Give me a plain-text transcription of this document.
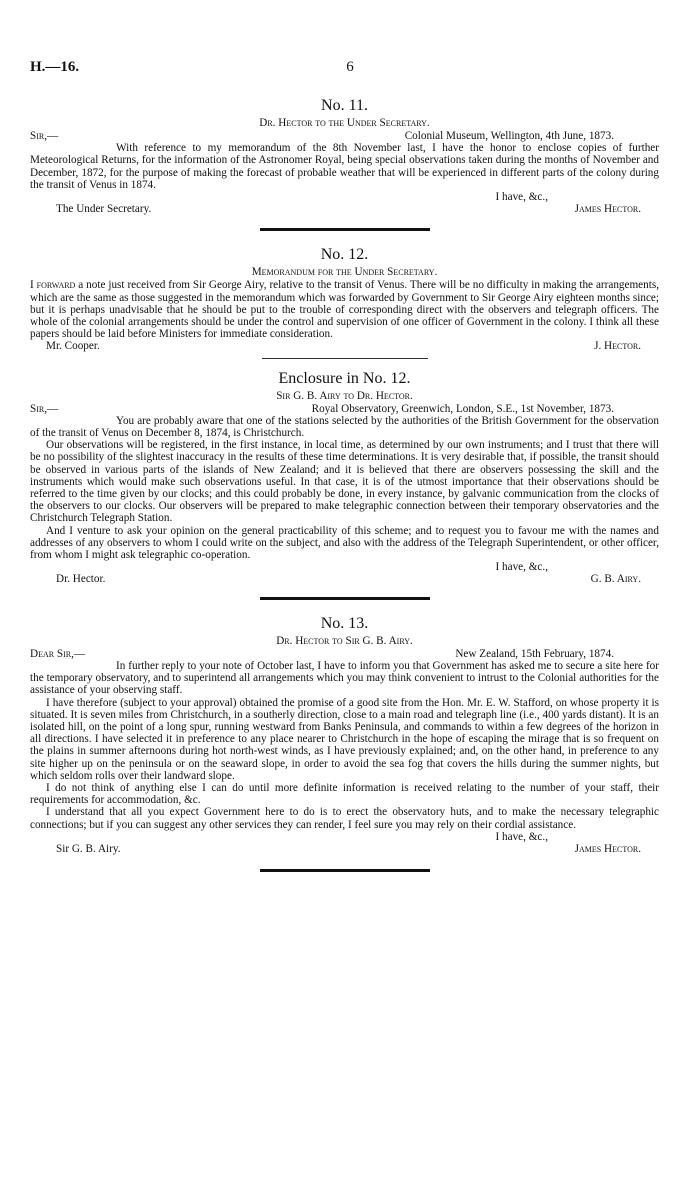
H.—16.	6
No. 11.
Dr. Hector to the Under Secretary.
Sir,—	Colonial Museum, Wellington, 4th June, 1873.

With reference to my memorandum of the 8th November last, I have the honor to enclose copies of further Meteorological Returns, for the information of the Astronomer Royal, being special observations taken during the months of November and December, 1872, for the purpose of making the forecast of probable weather that will be experienced in different parts of the colony during the transit of Venus in 1874.

I have, &c.,
The Under Secretary.	James Hector.
No. 12.
Memorandum for the Under Secretary.

I forward a note just received from Sir George Airy, relative to the transit of Venus. There will be no difficulty in making the arrangements, which are the same as those suggested in the memorandum which was forwarded by Government to Sir George Airy eighteen months since; but it is perhaps unadvisable that he should be put to the trouble of corresponding direct with the observers and telegraph officers. The whole of the colonial arrangements should be under the control and supervision of one officer of Government in the colony. I think all these papers should be laid before Ministers for immediate consideration.

Mr. Cooper.	J. Hector.
Enclosure in No. 12.
Sir G. B. Airy to Dr. Hector.
Sir,—	Royal Observatory, Greenwich, London, S.E., 1st November, 1873.

You are probably aware that one of the stations selected by the authorities of the British Government for the observation of the transit of Venus on December 8, 1874, is Christchurch.

Our observations will be registered, in the first instance, in local time, as determined by our own instruments; and I trust that there will be no possibility of the slightest inaccuracy in the results of these time determinations. It is very desirable that, if possible, the transit should be observed in various parts of the islands of New Zealand; and it is believed that there are observers possessing the skill and the instruments which would make such observations useful. In that case, it is of the utmost importance that their observations should be referred to the time given by our clocks; and this could probably be done, in every instance, by galvanic communication from the clocks of the observers to our clocks. Our observers will be prepared to make telegraphic connection between their temporary observatories and the Christchurch Telegraph Station.

And I venture to ask your opinion on the general practicability of this scheme; and to request you to favour me with the names and addresses of any observers to whom I could write on the subject, and also with the address of the Telegraph Superintendent, or other officer, from whom I might ask telegraphic co-operation.

I have, &c.,
Dr. Hector.	G. B. Airy.
No. 13.
Dr. Hector to Sir G. B. Airy.
Dear Sir,—	New Zealand, 15th February, 1874.

In further reply to your note of October last, I have to inform you that Government has asked me to secure a site here for the temporary observatory, and to superintend all arrangements which you may think convenient to intrust to the Colonial authorities for the assistance of your observing staff.

I have therefore (subject to your approval) obtained the promise of a good site from the Hon. Mr. E. W. Stafford, on whose property it is situated. It is seven miles from Christchurch, in a southerly direction, close to a main road and telegraph line (i.e., 400 yards distant). It is an isolated hill, on the point of a long spur, running westward from Banks Peninsula, and commands to within a few degrees of the horizon in all directions. I have selected it in preference to any place nearer to Christchurch in the hope of escaping the mirage that is so frequent on the plains in summer afternoons during hot north-west winds, as I have previously explained; and, on the other hand, in preference to any site higher up on the peninsula or on the seaward slope, in order to avoid the sea fog that covers the hills during the summer nights, but which seldom rolls over their landward slope.

I do not think of anything else I can do until more definite information is received relating to the number of your staff, their requirements for accommodation, &c.

I understand that all you expect Government here to do is to erect the observatory huts, and to make the necessary telegraphic connections; but if you can suggest any other services they can render, I feel sure you may rely on their cordial assistance.

I have, &c.,
Sir G. B. Airy.	James Hector.
